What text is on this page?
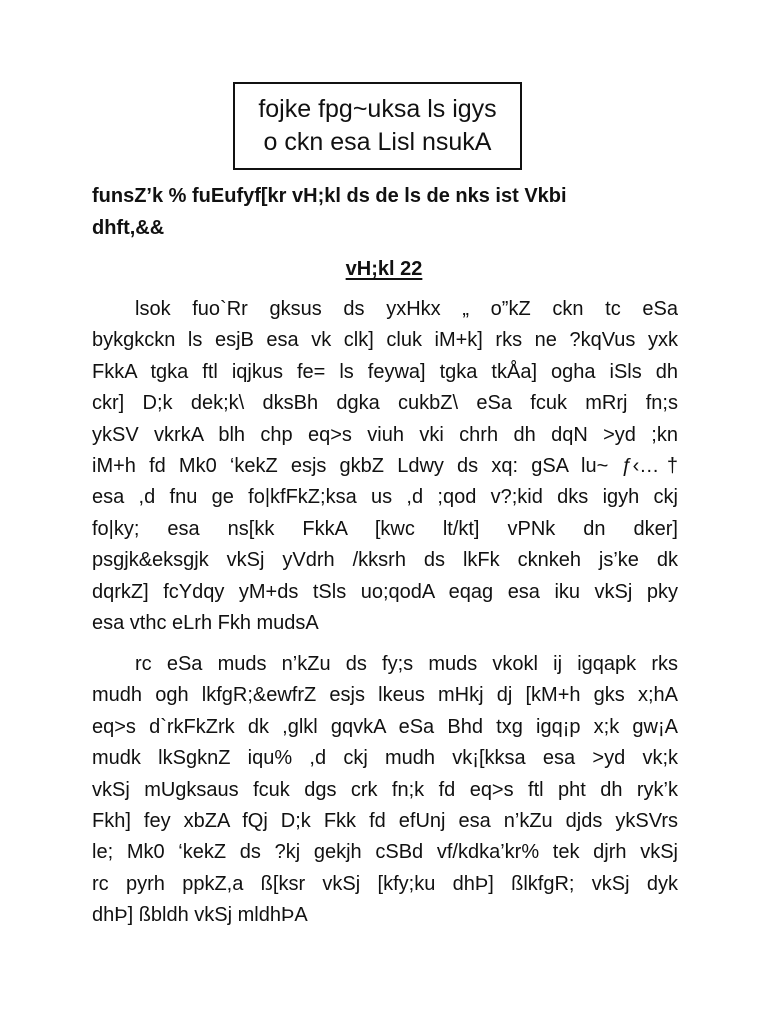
fojke fpg~uksa ls igys
o ckn esa Lisl nsukA
funsZ’k % fuEufyf[kr vH;kl ds de ls de nks ist Vkbi
dhft,&&
vH;kl 22
lsok fuo`Rr gksus ds yxHkx „ o”kZ ckn tc eSa
bykgkckn ls esjB esa vk clk] cluk iM+k] rks ne ?kqVus yxk
FkkA tgka ftl iqjkus fe= ls feywa] tgka tkÅa] ogha iSls dh
ckr] D;k dek;k\ dksBh dgka cukbZ\ eSa fcuk mRrj fn;s
ykSV vkrkA blh chp eq>s viuh vki chrh dh dqN >yd ;kn
iM+h fd Mk0 ‘kekZ esjs gkbZ Ldwy ds xq: gSA lu~ ƒ‹…†
esa ,d fnu ge fo|kfFkZ;ksa us ,d ;qod v?;kid dks igyh ckj
fo|ky; esa ns[kk FkkA [kwc lt/kt] vPNk dn dker]
psgjk&eksgjk vkSj yVdrh /kksrh ds lkFk cknkeh js’ke dk
dqrkZ] fcYdqy yM+ds tSls uo;qodA eqag esa iku vkSj pky
esa vthc eLrh Fkh mudsA
rc eSa muds n’kZu ds fy;s muds vkokl ij igqapk rks
mudh ogh lkfgR;&ewfrZ esjs lkeus mHkj dj [kM+h gks x;hA
eq>s d`rkFkZrk dk ,glkl gqvkA eSa Bhd txg igq¡p x;k gw¡A
mudk lkSgknZ iqu% ,d ckj mudh vk¡[kksa esa >yd vk;k
vkSj mUgksaus fcuk dgs crk fn;k fd eq>s ftl pht dh ryk’k
Fkh] fey xbZA fQj D;k Fkk fd efUnj esa n’kZu djds ykSVrs
le; Mk0 ‘kekZ ds ?kj gekjh cSBd vf/kdka’kr% tek djrh vkSj
rc pyrh ppkZ,a ß[ksr vkSj [kfy;ku dhÞ] ßlkfgR; vkSj dyk
dhÞ] ßbldh vkSj mldhÞA
